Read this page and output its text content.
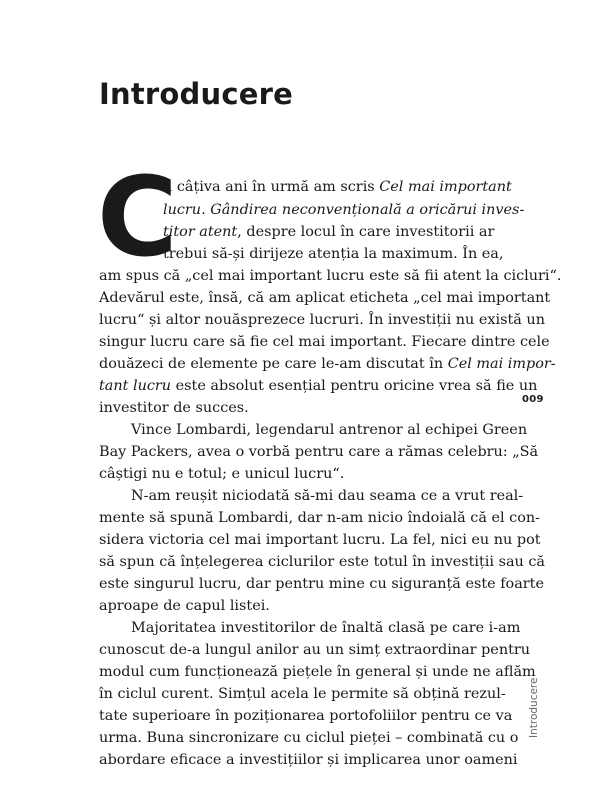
Introducere
C
u câțiva ani în urmă am scris Cel mai important
lucru. Gândirea neconvențională a oricărui inves-
titor atent, despre locul în care investitorii ar
trebui să-și dirijeze atenția la maximum. În ea,
am spus că „cel mai important lucru este să fii atent la cicluri“.
Adevărul este, însă, că am aplicat eticheta „cel mai important
lucru“ și altor nouăsprezece lucruri. În investiții nu există un
singur lucru care să fie cel mai important. Fiecare dintre cele
douăzeci de elemente pe care le-am discutat în Cel mai impor-
tant lucru este absolut esențial pentru oricine vrea să fie un
investitor de succes.
Vince Lombardi, legendarul antrenor al echipei Green
Bay Packers, avea o vorbă pentru care a rămas celebru: „Să
câștigi nu e totul; e unicul lucru“.
N-am reușit niciodată să-mi dau seama ce a vrut real-
mente să spună Lombardi, dar n-am nicio îndoială că el con-
sidera victoria cel mai important lucru. La fel, nici eu nu pot
să spun că înțelegerea ciclurilor este totul în investiții sau că
este singurul lucru, dar pentru mine cu siguranță este foarte
aproape de capul listei.
Majoritatea investitorilor de înaltă clasă pe care i-am
cunoscut de-a lungul anilor au un simț extraordinar pentru
modul cum funcționează piețele în general și unde ne aflăm
în ciclul curent. Simțul acela le permite să obțină rezul-
tate superioare în poziționarea portofoliilor pentru ce va
urma. Buna sincronizare cu ciclul pieței – combinată cu o
abordare eficace a investițiilor și implicarea unor oameni
009
Introducere
